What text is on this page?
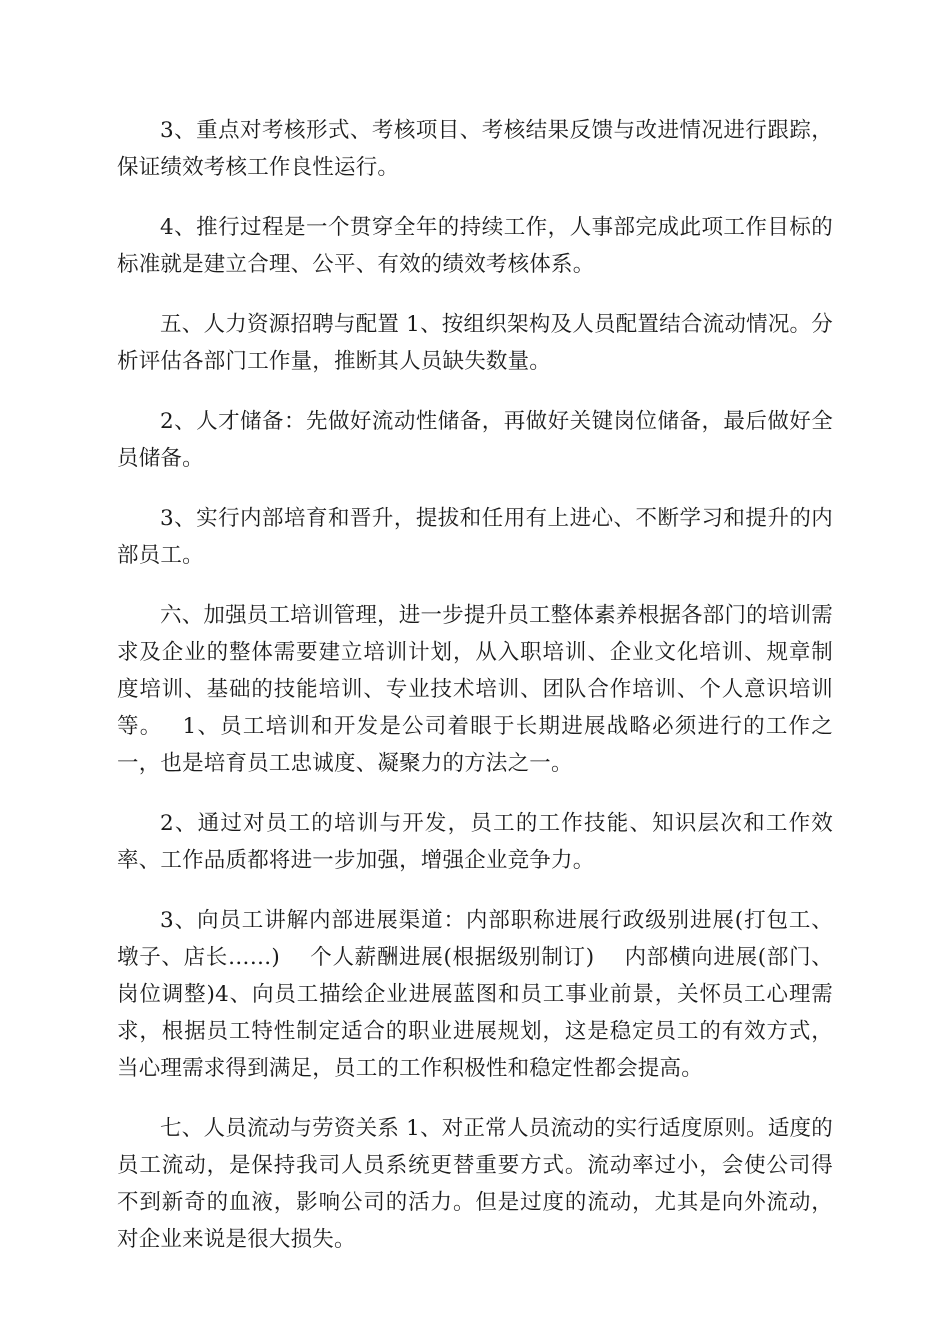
3、重点对考核形式、考核项目、考核结果反馈与改进情况进行跟踪，保证绩效考核工作良性运行。

4、推行过程是一个贯穿全年的持续工作，人事部完成此项工作目标的标准就是建立合理、公平、有效的绩效考核体系。

五、人力资源招聘与配置 1、按组织架构及人员配置结合流动情况。分析评估各部门工作量，推断其人员缺失数量。

2、人才储备：先做好流动性储备，再做好关键岗位储备，最后做好全员储备。

3、实行内部培育和晋升，提拔和任用有上进心、不断学习和提升的内部员工。

六、加强员工培训管理，进一步提升员工整体素养根据各部门的培训需求及企业的整体需要建立培训计划，从入职培训、企业文化培训、规章制度培训、基础的技能培训、专业技术培训、团队合作培训、个人意识培训等。　 1、员工培训和开发是公司着眼于长期进展战略必须进行的工作之一，也是培育员工忠诚度、凝聚力的方法之一。

2、通过对员工的培训与开发，员工的工作技能、知识层次和工作效率、工作品质都将进一步加强，增强企业竞争力。

3、向员工讲解内部进展渠道：内部职称进展行政级别进展(打包工、墩子、店长……)　 个人薪酬进展(根据级别制订)　 内部横向进展(部门、岗位调整)4、向员工描绘企业进展蓝图和员工事业前景，关怀员工心理需求，根据员工特性制定适合的职业进展规划，这是稳定员工的有效方式，当心理需求得到满足，员工的工作积极性和稳定性都会提高。

七、人员流动与劳资关系 1、对正常人员流动的实行适度原则。适度的员工流动，是保持我司人员系统更替重要方式。流动率过小，会使公司得不到新奇的血液，影响公司的活力。但是过度的流动，尤其是向外流动，对企业来说是很大损失。
